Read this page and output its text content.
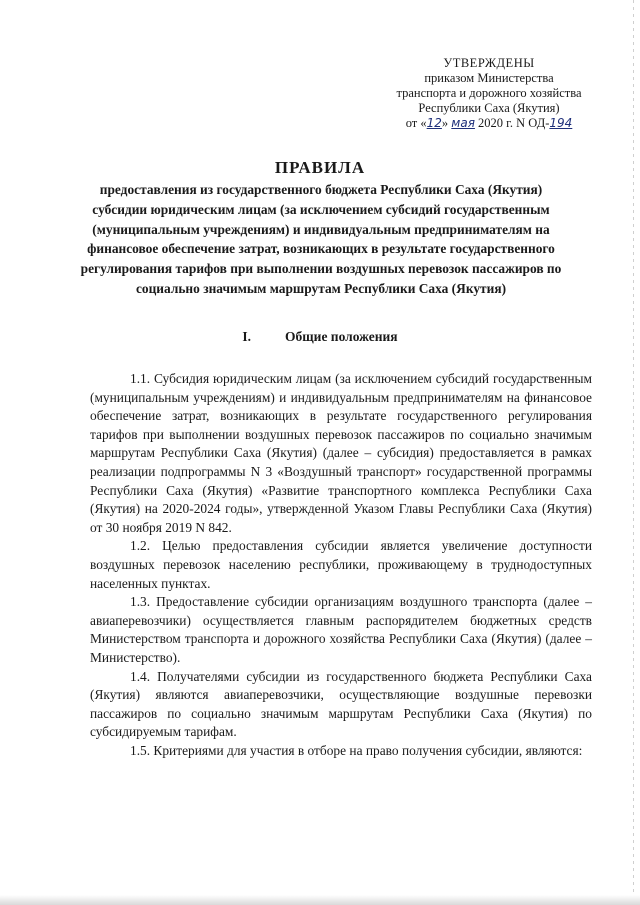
УТВЕРЖДЕНЫ
приказом Министерства
транспорта и дорожного хозяйства
Республики Саха (Якутия)
от «12» мая 2020 г. N ОД-194
ПРАВИЛА
предоставления из государственного бюджета Республики Саха (Якутия) субсидии юридическим лицам (за исключением субсидий государственным (муниципальным учреждениям) и индивидуальным предпринимателям на финансовое обеспечение затрат, возникающих в результате государственного регулирования тарифов при выполнении воздушных перевозок пассажиров по социально значимым маршрутам Республики Саха (Якутия)
I.	Общие положения

1.1. Субсидия юридическим лицам (за исключением субсидий государственным (муниципальным учреждениям) и индивидуальным предпринимателям на финансовое обеспечение затрат, возникающих в результате государственного регулирования тарифов при выполнении воздушных перевозок пассажиров по социально значимым маршрутам Республики Саха (Якутия) (далее – субсидия) предоставляется в рамках реализации подпрограммы N 3 «Воздушный транспорт» государственной программы Республики Саха (Якутия) «Развитие транспортного комплекса Республики Саха (Якутия) на 2020-2024 годы», утвержденной Указом Главы Республики Саха (Якутия) от 30 ноября 2019 N 842.

1.2. Целью предоставления субсидии является увеличение доступности воздушных перевозок населению республики, проживающему в труднодоступных населенных пунктах.

1.3. Предоставление субсидии организациям воздушного транспорта (далее – авиаперевозчики) осуществляется главным распорядителем бюджетных средств Министерством транспорта и дорожного хозяйства Республики Саха (Якутия) (далее – Министерство).

1.4. Получателями субсидии из государственного бюджета Республики Саха (Якутия) являются авиаперевозчики, осуществляющие воздушные перевозки пассажиров по социально значимым маршрутам Республики Саха (Якутия) по субсидируемым тарифам.

1.5. Критериями для участия в отборе на право получения субсидии, являются:
